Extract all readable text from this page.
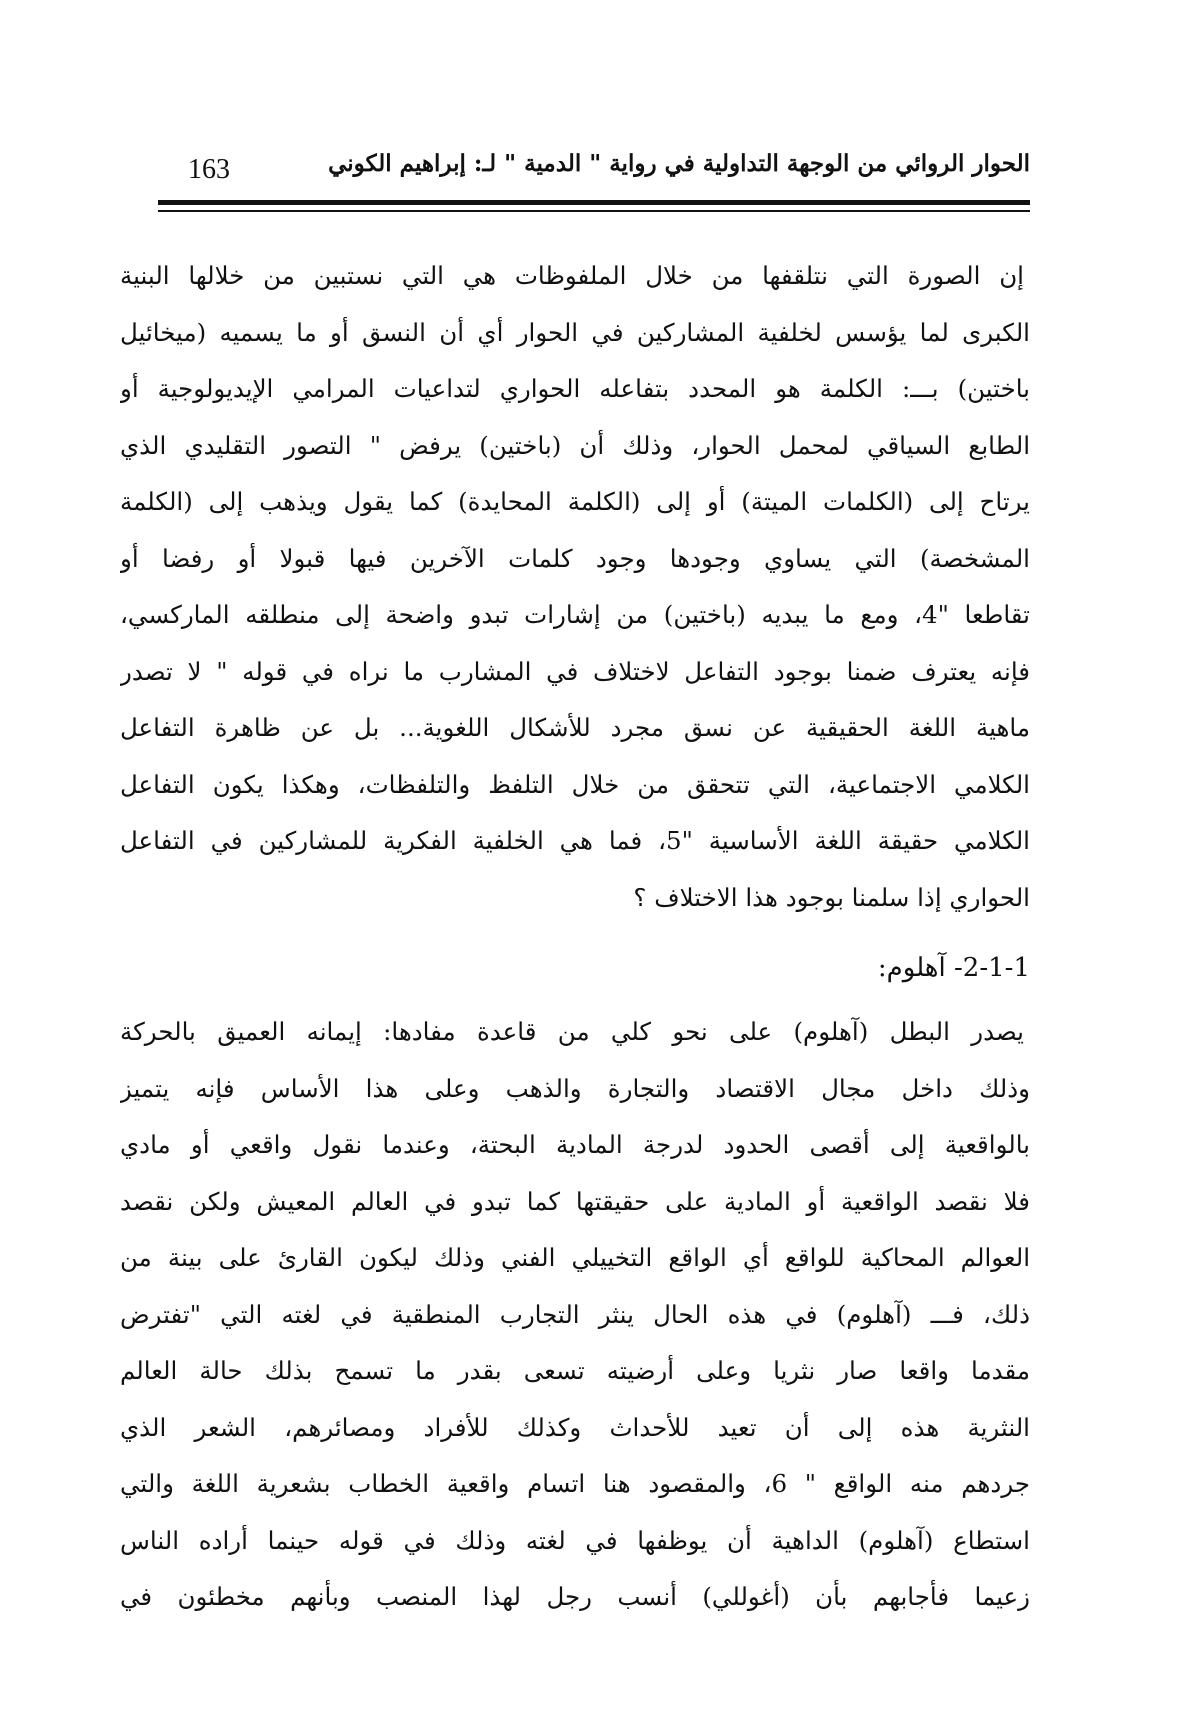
163	الحوار الروائي من الوجهة التداولية في رواية " الدمية " لـ: إبراهيم الكوني
إن الصورة التي نتلقفها من خلال الملفوظات هي التي نستبين من خلالها البنية
الكبرى لما يؤسس لخلفية المشاركين في الحوار أي أن النسق أو ما يسميه (ميخائيل
باختين) بـــ: الكلمة هو المحدد بتفاعله الحواري لتداعيات المرامي الإيديولوجية أو
الطابع السياقي لمحمل الحوار، وذلك أن (باختين) يرفض " التصور التقليدي الذي
يرتاح إلى (الكلمات الميتة) أو إلى (الكلمة المحايدة) كما يقول ويذهب إلى (الكلمة
المشخصة) التي يساوي وجودها وجود كلمات الآخرين فيها قبولا أو رفضا أو
تقاطعا "4، ومع ما يبديه (باختين) من إشارات تبدو واضحة إلى منطلقه الماركسي،
فإنه يعترف ضمنا بوجود التفاعل لاختلاف في المشارب ما نراه في قوله " لا تصدر
ماهية اللغة الحقيقية عن نسق مجرد للأشكال اللغوية... بل عن ظاهرة التفاعل
الكلامي الاجتماعية، التي تتحقق من خلال التلفظ والتلفظات، وهكذا يكون التفاعل
الكلامي حقيقة اللغة الأساسية "5، فما هي الخلفية الفكرية للمشاركين في التفاعل
الحواري إذا سلمنا بوجود هذا الاختلاف ؟
2-1-1- آهلوم:
يصدر البطل (آهلوم) على نحو كلي من قاعدة مفادها: إيمانه العميق بالحركة
وذلك داخل مجال الاقتصاد والتجارة والذهب وعلى هذا الأساس فإنه يتميز
بالواقعية إلى أقصى الحدود لدرجة المادية البحتة، وعندما نقول واقعي أو مادي
فلا نقصد الواقعية أو المادية على حقيقتها كما تبدو في العالم المعيش ولكن نقصد
العوالم المحاكية للواقع أي الواقع التخييلي الفني وذلك ليكون القارئ على بينة من
ذلك، فـــ (آهلوم) في هذه الحال ينثر التجارب المنطقية في لغته التي "تفترض
مقدما واقعا صار نثريا وعلى أرضيته تسعى بقدر ما تسمح بذلك حالة العالم
النثرية هذه إلى أن تعيد للأحداث وكذلك للأفراد ومصائرهم، الشعر الذي
جردهم منه الواقع " 6، والمقصود هنا اتسام واقعية الخطاب بشعرية اللغة والتي
استطاع (آهلوم) الداهية أن يوظفها في لغته وذلك في قوله حينما أراده الناس
زعيما فأجابهم بأن (أغوللي) أنسب رجل لهذا المنصب وبأنهم مخطئون في
